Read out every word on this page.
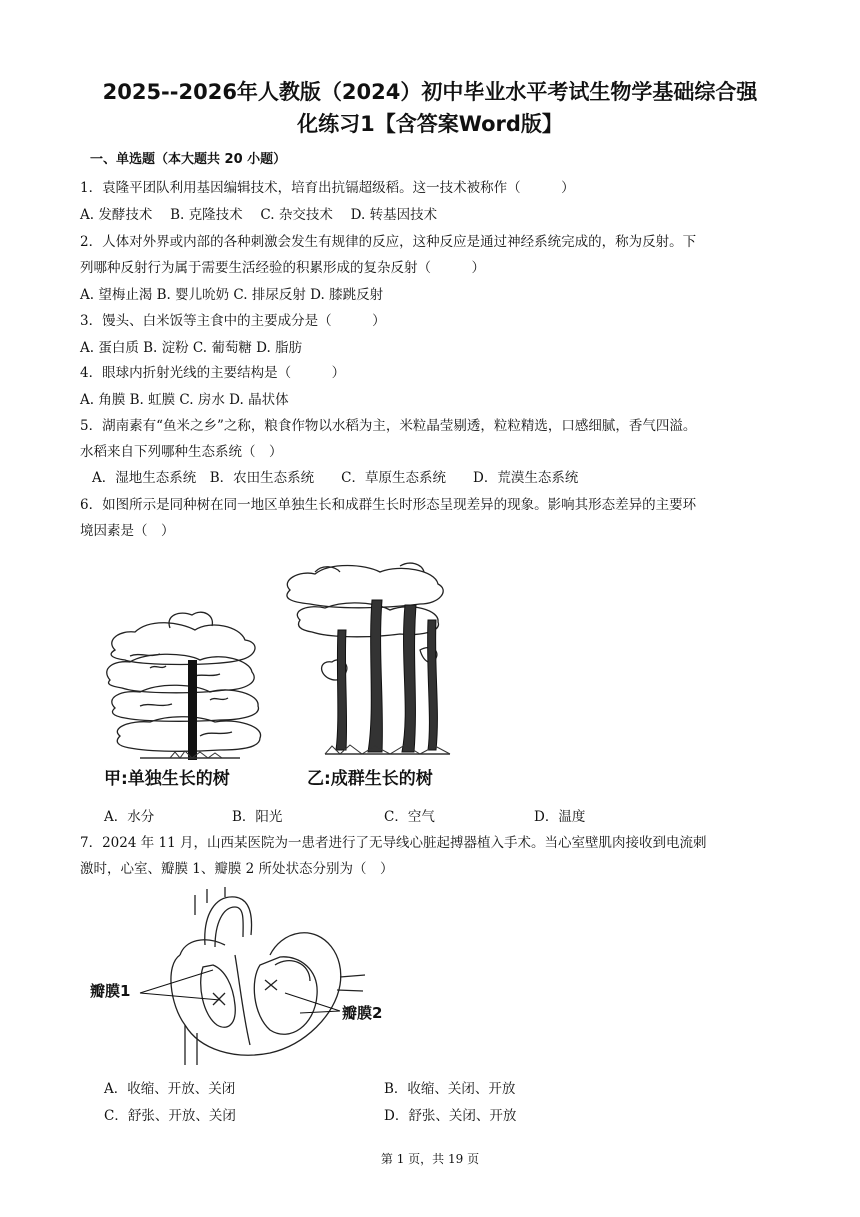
2025--2026年人教版（2024）初中毕业水平考试生物学基础综合强
化练习1【含答案Word版】
一、单选题（本大题共 20 小题）
1．袁隆平团队利用基因编辑技术，培育出抗镉超级稻。这一技术被称作（　　　）
A. 发酵技术　 B. 克隆技术　 C. 杂交技术　 D. 转基因技术
2．人体对外界或内部的各种刺激会发生有规律的反应，这种反应是通过神经系统完成的，称为反射。下
列哪种反射行为属于需要生活经验的积累形成的复杂反射（　　　）
A. 望梅止渴 B. 婴儿吮奶 C. 排尿反射 D. 膝跳反射
3．馒头、白米饭等主食中的主要成分是（　　　）
A. 蛋白质 B. 淀粉 C. 葡萄糖 D. 脂肪
4．眼球内折射光线的主要结构是（　　　）
A. 角膜 B. 虹膜 C. 房水 D. 晶状体
5．湖南素有“鱼米之乡”之称，粮食作物以水稻为主，米粒晶莹剔透，粒粒精选，口感细腻，香气四溢。
水稻来自下列哪种生态系统（　）
A．湿地生态系统　B．农田生态系统　　C．草原生态系统　　D．荒漠生态系统
6．如图所示是同种树在同一地区单独生长和成群生长时形态呈现差异的现象。影响其形态差异的主要环
境因素是（　）
甲:单独生长的树	乙:成群生长的树
A．水分	B．阳光	C．空气	D．温度
7．2024 年 11 月，山西某医院为一患者进行了无导线心脏起搏器植入手术。当心室壁肌肉接收到电流刺
激时，心室、瓣膜 1、瓣膜 2 所处状态分别为（　）
瓣膜1
瓣膜2
A．收缩、开放、关闭	B．收缩、关闭、开放
C．舒张、开放、关闭	D．舒张、关闭、开放
第 1 页，共 19 页
